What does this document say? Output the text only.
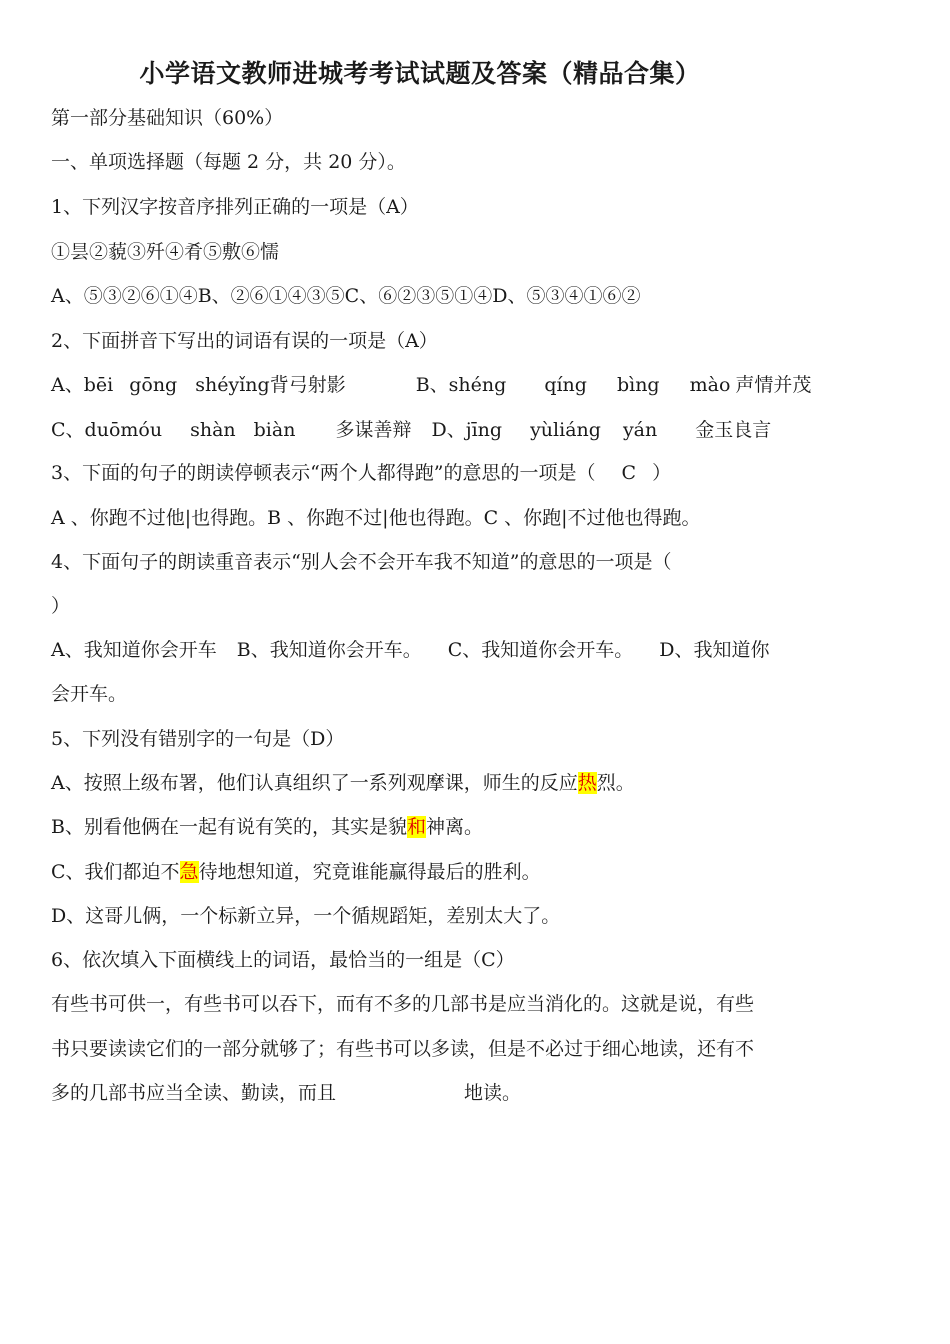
小学语文教师进城考考试试题及答案（精品合集）
第一部分基础知识（60%）
一、单项选择题（每题 2 分，共 20 分）。
1、下列汉字按音序排列正确的一项是（A）
①昙②藐③歼④肴⑤敷⑥懦
A、⑤③②⑥①④B、②⑥①④③⑤C、⑥②③⑤①④D、⑤③④①⑥②
2、下面拼音下写出的词语有误的一项是（A）
A、bēi gōng shéyǐng背弓射影	B、shéng qíng bìng mào 声情并茂
C、duōmóu shàn biàn 多谋善辩 D、jīng yùliáng yán 金玉良言
3、下面的句子的朗读停顿表示“两个人都得跑”的意思的一项是（ C ）
A 、你跑不过他|也得跑。B 、你跑不过|他也得跑。C 、你跑|不过他也得跑。
4、下面句子的朗读重音表示“别人会不会开车我不知道”的意思的一项是（
）
A、我知道你会开车 B、我知道你会开车。 C、我知道你会开车。 D、我知道你
会开车。
5、下列没有错别字的一句是（D）
A、按照上级布署，他们认真组织了一系列观摩课，师生的反应热烈。
B、别看他俩在一起有说有笑的，其实是貌和神离。
C、我们都迫不急待地想知道，究竟谁能赢得最后的胜利。
D、这哥儿俩，一个标新立异，一个循规蹈矩，差别太大了。
6、依次填入下面横线上的词语，最恰当的一组是（C）
有些书可供一，有些书可以吞下，而有不多的几部书是应当消化的。这就是说，有些
书只要读读它们的一部分就够了；有些书可以多读，但是不必过于细心地读，还有不
多的几部书应当全读、勤读，而且	地读。
